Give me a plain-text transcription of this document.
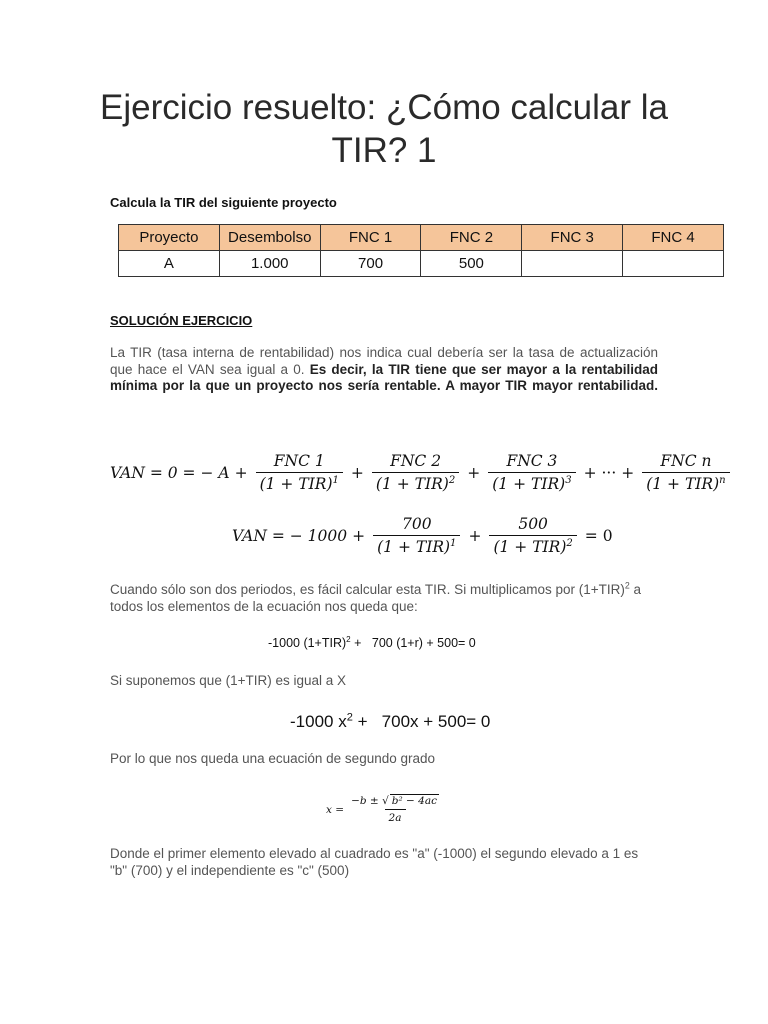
Ejercicio resuelto: ¿Cómo calcular la TIR? 1
Calcula la TIR del siguiente proyecto
Proyecto	Desembolso	FNC 1	FNC 2	FNC 3	FNC 4
A	1.000	700	500		
SOLUCIÓN EJERCICIO

La TIR (tasa interna de rentabilidad) nos indica cual debería ser la tasa de actualización que hace el VAN sea igual a 0. Es decir, la TIR tiene que ser mayor a la rentabilidad mínima por la que un proyecto nos sería rentable. A mayor TIR mayor rentabilidad.

VAN = 0 = − $A + \frac{\text{FNC 1}}{(1 + TIR)^1} + \frac{\text{FNC 2}}{(1 + TIR)^2} + \frac{\text{FNC 3}}{(1 + TIR)^3}$ + ··· + $\frac{\text{FNC n}}{(1 + TIR)^n}$
VAN = − $1000 + \frac{700}{(1 + TIR)^1} + \frac{500}{(1 + TIR)^2} = 0$

Cuando sólo son dos periodos, es fácil calcular esta TIR. Si multiplicamos por $(1+TIR)^2$ a todos los elementos de la ecuación nos queda que:

-1000 $(1+TIR)^2 + 700$ (1+r) + 500= 0

Si suponemos que (1+TIR) es igual a X

-1000 $x^2 + 700x + 500= 0$

Por lo que nos queda una ecuación de segundo grado

$x = \frac{\text{−b ± √ b² − 4ac}}{2a}$

Donde el primer elemento elevado al cuadrado es "a" (-1000) el segundo elevado a 1 es "b" (700) y el independiente es "c" (500)
